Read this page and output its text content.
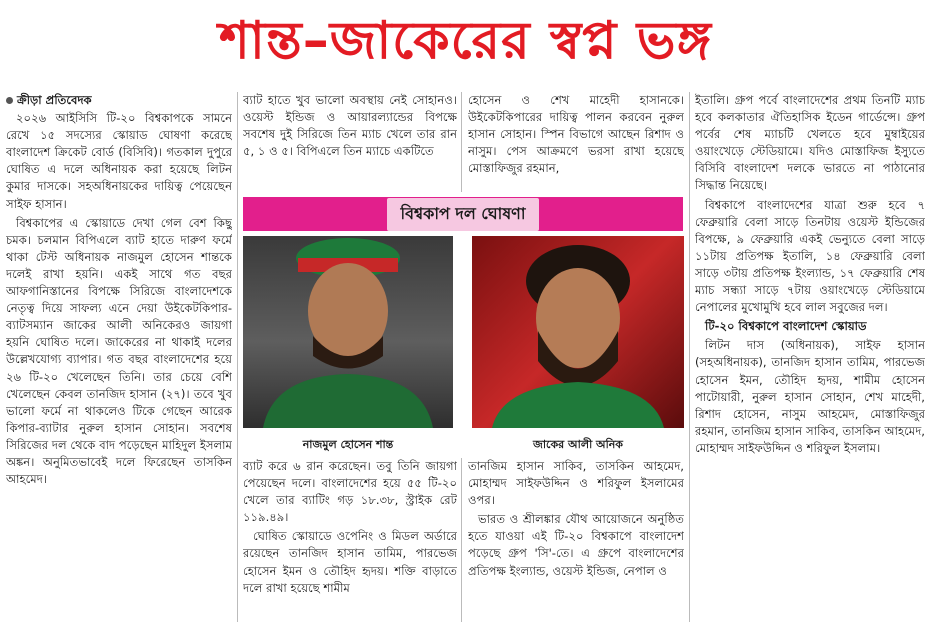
শান্ত–জাকেরের স্বপ্ন ভঙ্গ
ক্রীড়া প্রতিবেদক

২০২৬ আইসিসি টি-২০ বিশ্বকাপকে সামনে রেখে ১৫ সদস্যের স্কোয়াড ঘোষণা করেছে বাংলাদেশ ক্রিকেট বোর্ড (বিসিবি)। গতকাল দুপুরে ঘোষিত এ দলে অধিনায়ক করা হয়েছে লিটন কুমার দাসকে। সহঅধিনায়কের দায়িত্ব পেয়েছেন সাইফ হাসান।

বিশ্বকাপের এ স্কোয়াডে দেখা গেল বেশ কিছু চমক। চলমান বিপিএলে ব্যাট হাতে দারুণ ফর্মে থাকা টেস্ট অধিনায়ক নাজমুল হোসেন শান্তকে দলেই রাখা হয়নি। একই সাথে গত বছর আফগানিস্তানের বিপক্ষে সিরিজে বাংলাদেশকে নেতৃত্ব দিয়ে সাফল্য এনে দেয়া উইকেটকিপার-ব্যাটসম্যান জাকের আলী অনিকেরও জায়গা হয়নি ঘোষিত দলে। জাকেরের না থাকাই দলের উল্লেখযোগ্য ব্যাপার। গত বছর বাংলাদেশের হয়ে ২৬ টি-২০ খেলেছেন তিনি। তার চেয়ে বেশি খেলেছেন কেবল তানজিদ হাসান (২৭)। তবে খুব ভালো ফর্মে না থাকলেও টিকে গেছেন আরেক কিপার-ব্যাটার নুরুল হাসান সোহান। সবশেষ সিরিজের দল থেকে বাদ পড়েছেন মাহিদুল ইসলাম অঙ্কন। অনুমিতভাবেই দলে ফিরেছেন তাসকিন আহমেদ।

ব্যাট হাতে খুব ভালো অবস্থায় নেই সোহানও। ওয়েস্ট ইন্ডিজ ও আয়ারল্যান্ডের বিপক্ষে সবশেষ দুই সিরিজে তিন ম্যাচ খেলে তার রান ৫, ১ ও ৫। বিপিএলে তিন ম্যাচে একটিতে

হোসেন ও শেখ মাহেদী হাসানকে। উইকেটকিপারের দায়িত্ব পালন করবেন নুরুল হাসান সোহান। স্পিন বিভাগে আছেন রিশাদ ও নাসুম। পেস আক্রমণে ভরসা রাখা হয়েছে মোস্তাফিজুর রহমান,

বিশ্বকাপ দল ঘোষণা
নাজমুল হোসেন শান্ত	জাকের আলী অনিক

ব্যাট করে ৬ রান করেছেন। তবু তিনি জায়গা পেয়েছেন দলে। বাংলাদেশের হয়ে ৫৫ টি-২০ খেলে তার ব্যাটিং গড় ১৮.৩৮, স্ট্রাইক রেট ১১৯.৪৯।

ঘোষিত স্কোয়াডে ওপেনিং ও মিডল অর্ডারে রয়েছেন তানজিদ হাসান তামিম, পারভেজ হোসেন ইমন ও তৌহিদ হৃদয়। শক্তি বাড়াতে দলে রাখা হয়েছে শামীম

তানজিম হাসান সাকিব, তাসকিন আহমেদ, মোহাম্মদ সাইফউদ্দিন ও শরিফুল ইসলামের ওপর।

ভারত ও শ্রীলঙ্কার যৌথ আয়োজনে অনুষ্ঠিত হতে যাওয়া এই টি-২০ বিশ্বকাপে বাংলাদেশ পড়েছে গ্রুপ 'সি'-তে। এ গ্রুপে বাংলাদেশের প্রতিপক্ষ ইংল্যান্ড, ওয়েস্ট ইন্ডিজ, নেপাল ও

ইতালি। গ্রুপ পর্বে বাংলাদেশের প্রথম তিনটি ম্যাচ হবে কলকাতার ঐতিহাসিক ইডেন গার্ডেন্সে। গ্রুপ পর্বের শেষ ম্যাচটি খেলতে হবে মুম্বাইয়ের ওয়াংখেড়ে স্টেডিয়ামে। যদিও মোস্তাফিজ ইস্যুতে বিসিবি বাংলাদেশ দলকে ভারতে না পাঠানোর সিদ্ধান্ত নিয়েছে।

বিশ্বকাপে বাংলাদেশের যাত্রা শুরু হবে ৭ ফেব্রুয়ারি বেলা সাড়ে তিনটায় ওয়েস্ট ইন্ডিজের বিপক্ষে, ৯ ফেব্রুয়ারি একই ভেন্যুতে বেলা সাড়ে ১১টায় প্রতিপক্ষ ইতালি, ১৪ ফেব্রুয়ারি বেলা সাড়ে ৩টায় প্রতিপক্ষ ইংল্যান্ড, ১৭ ফেব্রুয়ারি শেষ ম্যাচ সন্ধ্যা সাড়ে ৭টায় ওয়াংখেড়ে স্টেডিয়ামে নেপালের মুখোমুখি হবে লাল সবুজের দল।

টি-২০ বিশ্বকাপে বাংলাদেশ স্কোয়াড

লিটন দাস (অধিনায়ক), সাইফ হাসান (সহঅধিনায়ক), তানজিদ হাসান তামিম, পারভেজ হোসেন ইমন, তৌহিদ হৃদয়, শামীম হোসেন পাটোয়ারী, নুরুল হাসান সোহান, শেখ মাহেদী, রিশাদ হোসেন, নাসুম আহমেদ, মোস্তাফিজুর রহমান, তানজিম হাসান সাকিব, তাসকিন আহমেদ, মোহাম্মদ সাইফউদ্দিন ও শরিফুল ইসলাম।
